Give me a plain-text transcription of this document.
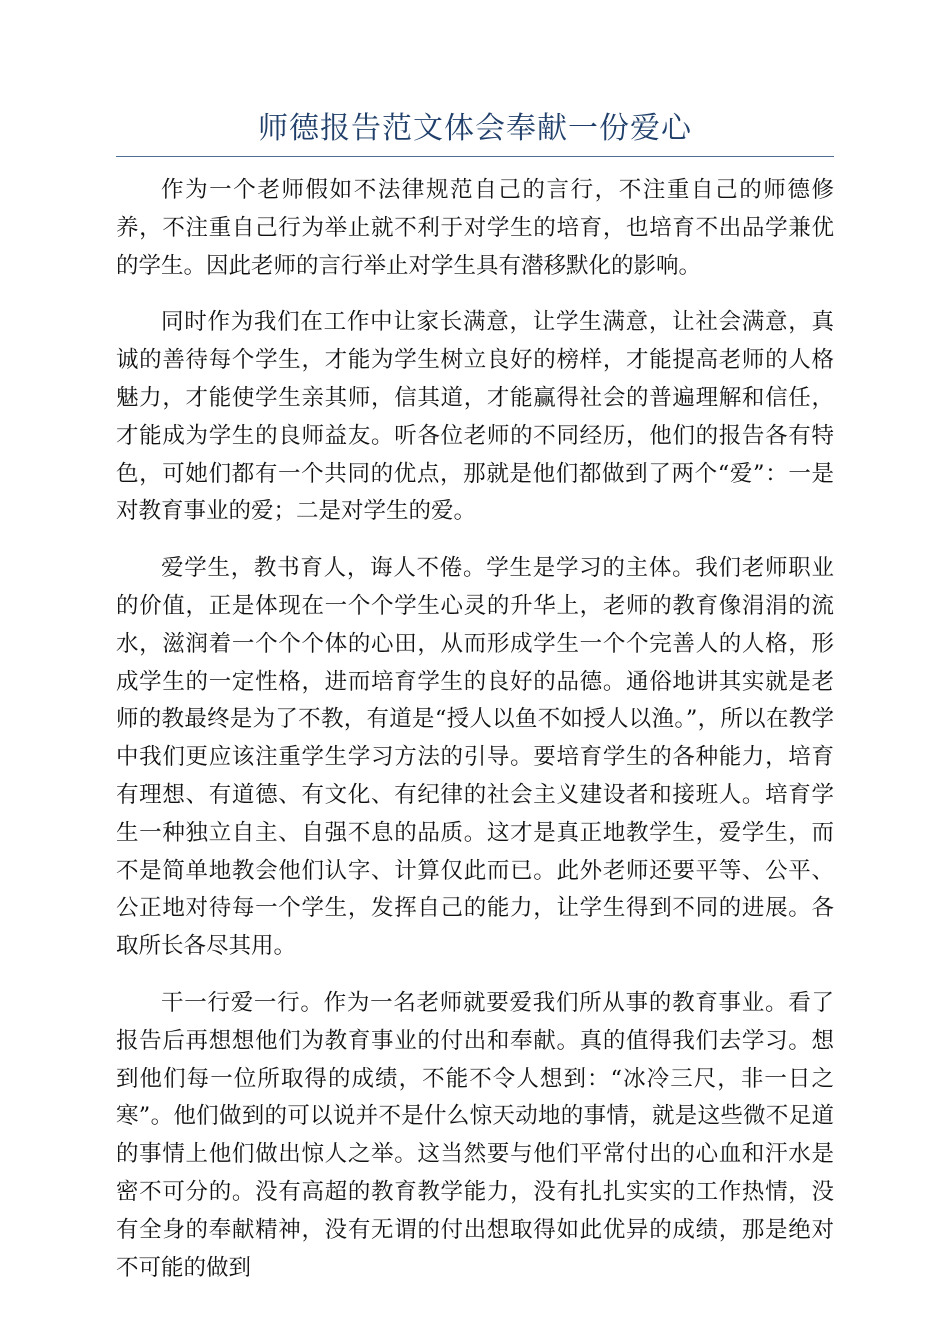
师德报告范文体会奉献一份爱心

作为一个老师假如不法律规范自己的言行，不注重自己的师德修养，不注重自己行为举止就不利于对学生的培育，也培育不出品学兼优的学生。因此老师的言行举止对学生具有潜移默化的影响。

同时作为我们在工作中让家长满意，让学生满意，让社会满意，真诚的善待每个学生，才能为学生树立良好的榜样，才能提高老师的人格魅力，才能使学生亲其师，信其道，才能赢得社会的普遍理解和信任，才能成为学生的良师益友。听各位老师的不同经历，他们的报告各有特色，可她们都有一个共同的优点，那就是他们都做到了两个“爱”：一是对教育事业的爱；二是对学生的爱。

爱学生，教书育人，诲人不倦。学生是学习的主体。我们老师职业的价值，正是体现在一个个学生心灵的升华上，老师的教育像涓涓的流水，滋润着一个个个体的心田，从而形成学生一个个完善人的人格，形成学生的一定性格，进而培育学生的良好的品德。通俗地讲其实就是老师的教最终是为了不教，有道是“授人以鱼不如授人以渔。”，所以在教学中我们更应该注重学生学习方法的引导。要培育学生的各种能力，培育有理想、有道德、有文化、有纪律的社会主义建设者和接班人。培育学生一种独立自主、自强不息的品质。这才是真正地教学生，爱学生，而不是简单地教会他们认字、计算仅此而已。此外老师还要平等、公平、公正地对待每一个学生，发挥自己的能力，让学生得到不同的进展。各取所长各尽其用。

干一行爱一行。作为一名老师就要爱我们所从事的教育事业。看了报告后再想想他们为教育事业的付出和奉献。真的值得我们去学习。想到他们每一位所取得的成绩，不能不令人想到：“冰冷三尺，非一日之寒”。他们做到的可以说并不是什么惊天动地的事情，就是这些微不足道的事情上他们做出惊人之举。这当然要与他们平常付出的心血和汗水是密不可分的。没有高超的教育教学能力，没有扎扎实实的工作热情，没有全身的奉献精神，没有无谓的付出想取得如此优异的成绩，那是绝对不可能的做到
